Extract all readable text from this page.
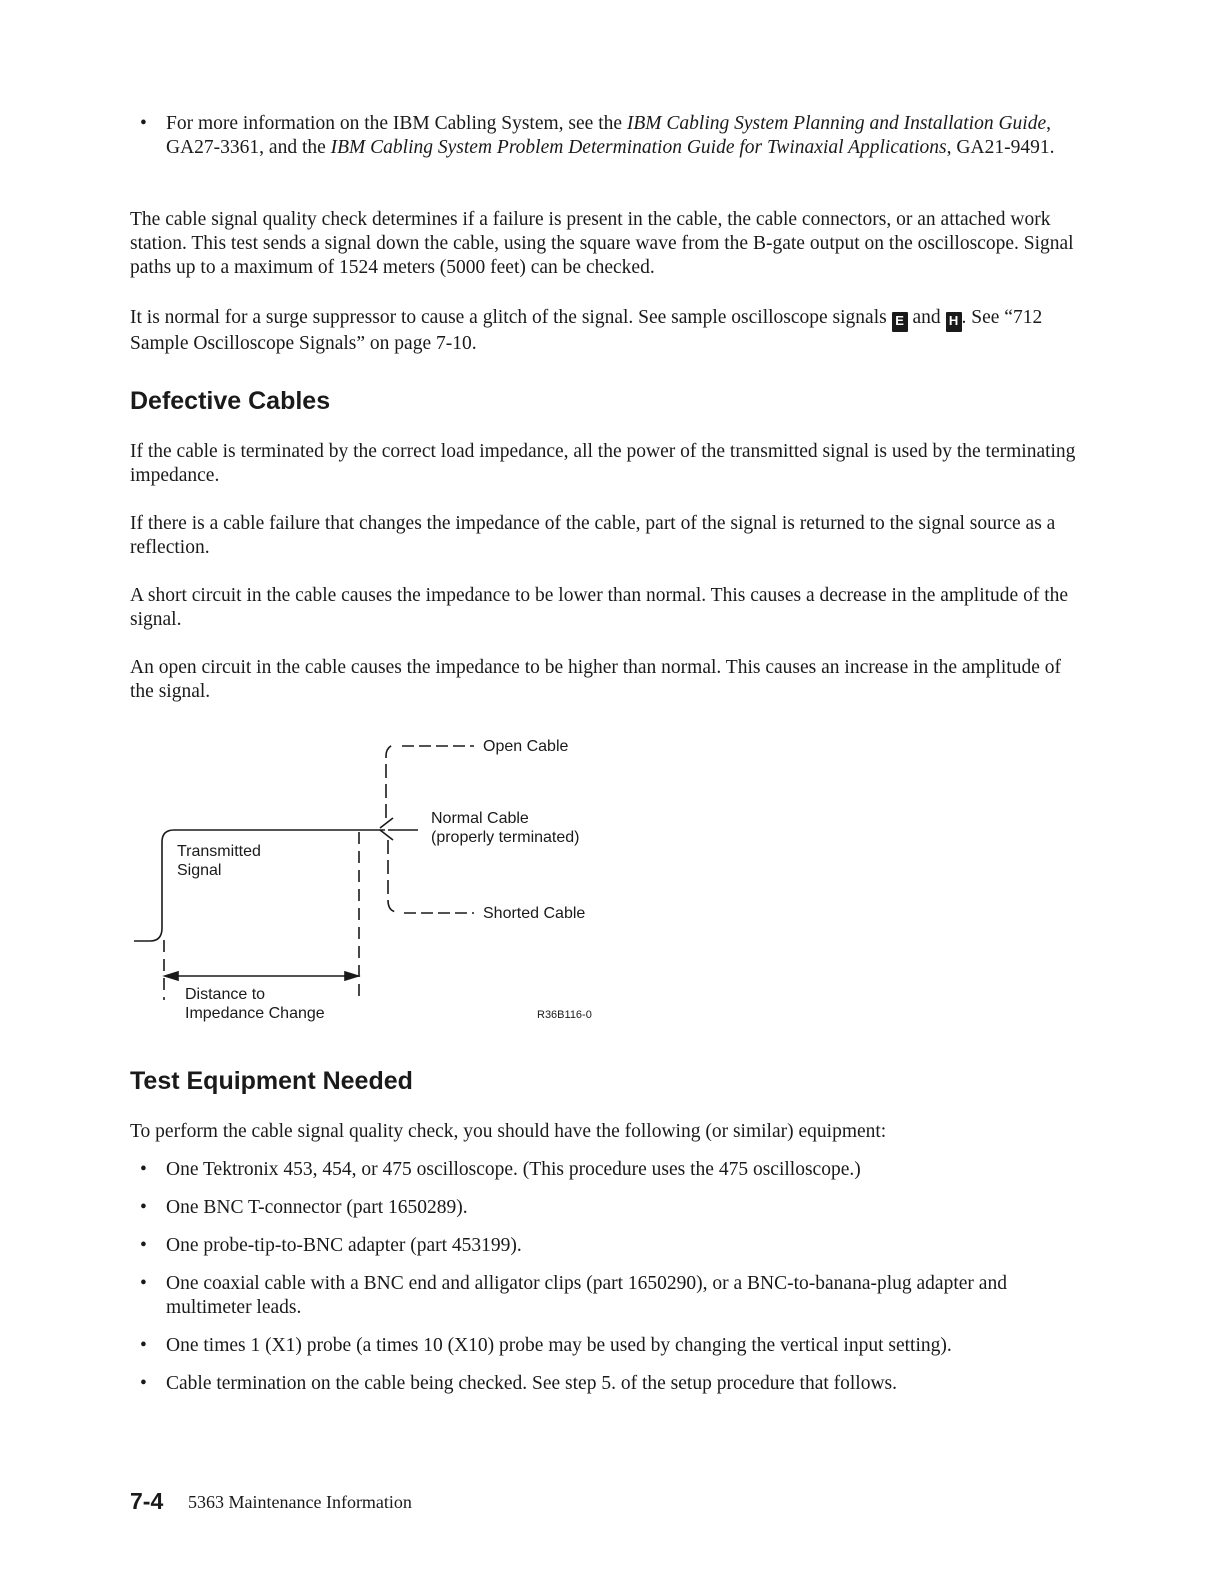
• For more information on the IBM Cabling System, see the IBM Cabling System Planning and Installation Guide, GA27-3361, and the IBM Cabling System Problem Determination Guide for Twinaxial Applications, GA21-9491.
The cable signal quality check determines if a failure is present in the cable, the cable connectors, or an attached work station. This test sends a signal down the cable, using the square wave from the B-gate output on the oscilloscope. Signal paths up to a maximum of 1524 meters (5000 feet) can be checked.
It is normal for a surge suppressor to cause a glitch of the signal. See sample oscilloscope signals E and H . See “712 Sample Oscilloscope Signals” on page 7-10.
Defective Cables
If the cable is terminated by the correct load impedance, all the power of the transmitted signal is used by the terminating impedance.
If there is a cable failure that changes the impedance of the cable, part of the signal is returned to the signal source as a reflection.
A short circuit in the cable causes the impedance to be lower than normal. This causes a decrease in the amplitude of the signal.
An open circuit in the cable causes the impedance to be higher than normal. This causes an increase in the amplitude of the signal.
Open Cable
Normal Cable
(properly terminated)
Transmitted
Signal
Shorted Cable
Distance to
Impedance Change	R36B116-0
Test Equipment Needed
To perform the cable signal quality check, you should have the following (or similar) equipment:
• One Tektronix 453, 454, or 475 oscilloscope. (This procedure uses the 475 oscilloscope.)
• One BNC T-connector (part 1650289).
• One probe-tip-to-BNC adapter (part 453199).
• One coaxial cable with a BNC end and alligator clips (part 1650290), or a BNC-to-banana-plug adapter and multimeter leads.
• One times 1 (X1) probe (a times 10 (X10) probe may be used by changing the vertical input setting).
• Cable termination on the cable being checked. See step 5. of the setup procedure that follows.
7-4 5363 Maintenance Information
